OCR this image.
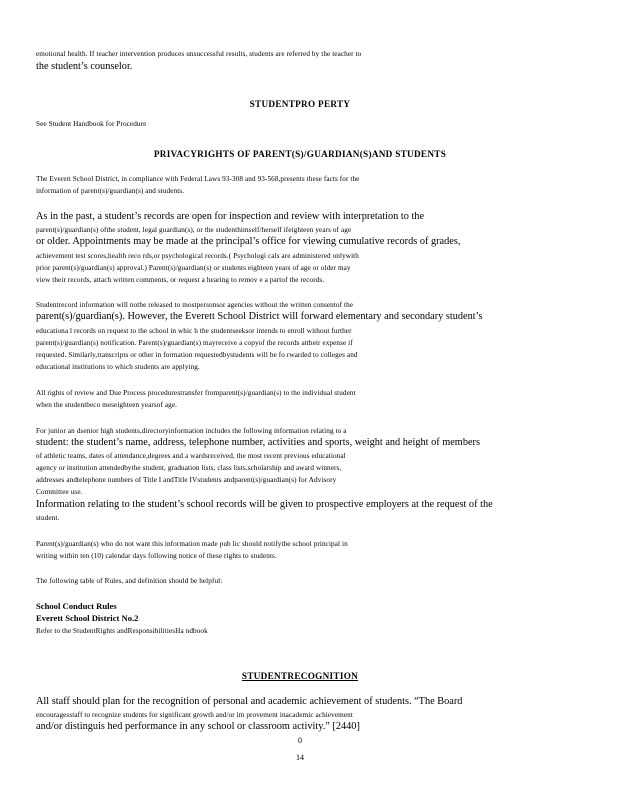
emotional health. If teacher intervention produces unsuccessful results, students are referred by the teacher to
the student’s counselor.
STUDENTPRO PERTY
See Student Handbook for Procedure
PRIVACYRIGHTS OF PARENT(S)/GUARDIAN(S)AND STUDENTS
The Everett School District, in compliance with Federal Laws 93-308 and 93-568,presents these facts for the
information of parent(s)/guardian(s) and students.
As in the past, a student’s records are open for inspection and review with interpretation to the
parent(s)/guardian(s) ofthe student, legal guardian(s), or the studenthimself/herself ifeighteen years of age
or older. Appointments may be made at the principal’s office for viewing cumulative records of grades,
achievement test scores,health reco rds,or psychological records.( Psychologi cals are administered onlywith
prior parent(s)/guardian(s) approval.) Parent(s)/guardian(s) or students eighteen years of age or older may
view their records, attach written comments, or request a hearing to remov e a partof the records.
Studentrecord information will notbe released to mostpersonsor agencies without the written consentof the
parent(s)/guardian(s). However, the Everett School District will forward elementary and secondary student’s
educationa l records on request to the school in whic h the studentseeksor intends to enroll without further
parent(s)/guardian(s) notification. Parent(s)/guardian(s) mayreceive a copyof the records attheir expense if
requested. Similarly,transcripts or other in formation requestedbystudents will be fo rwarded to colleges and
educational institutions to which students are applying.
All rights of review and Due Process procedurestransfer fromparent(s)/guardian(s) to the individual student
when the studentbeco meseighteen yearsof age.
For junior an dsenior high students,directoryinformation includes the following information relating to a
student: the student’s name, address, telephone number, activities and sports, weight and height of members
of athletic teams, dates of attendance,degrees and a wardsreceived, the most recent previous educational
agency or institution attendedbythe student, graduation lists, class lists,scholarship and award winners,
addresses andtelephone numbers of Title I andTitle IVstudents andparent(s)/guardian(s) for Advisory
Committee use.
Information relating to the student’s school records will be given to prospective employers at the request of the
student.
Parent(s)/guardian(s) who do not want this information made pub lic should notifythe school principal in
writing within ten (10) calendar days following notice of these rights to students.
The following table of Rules, and definition should be helpful:
School Conduct Rules
Everett School District No.2
Refer to the StudentRights andResponsibilitiesHa ndbook
STUDENTRECOGNITION
All staff should plan for the recognition of personal and academic achievement of students. “The Board
encouragesstaff to recognize students for significant growth and/or im provement inacademic achievement
and/or distinguis hed performance in any school or classroom activity.” [2440]
0
14
